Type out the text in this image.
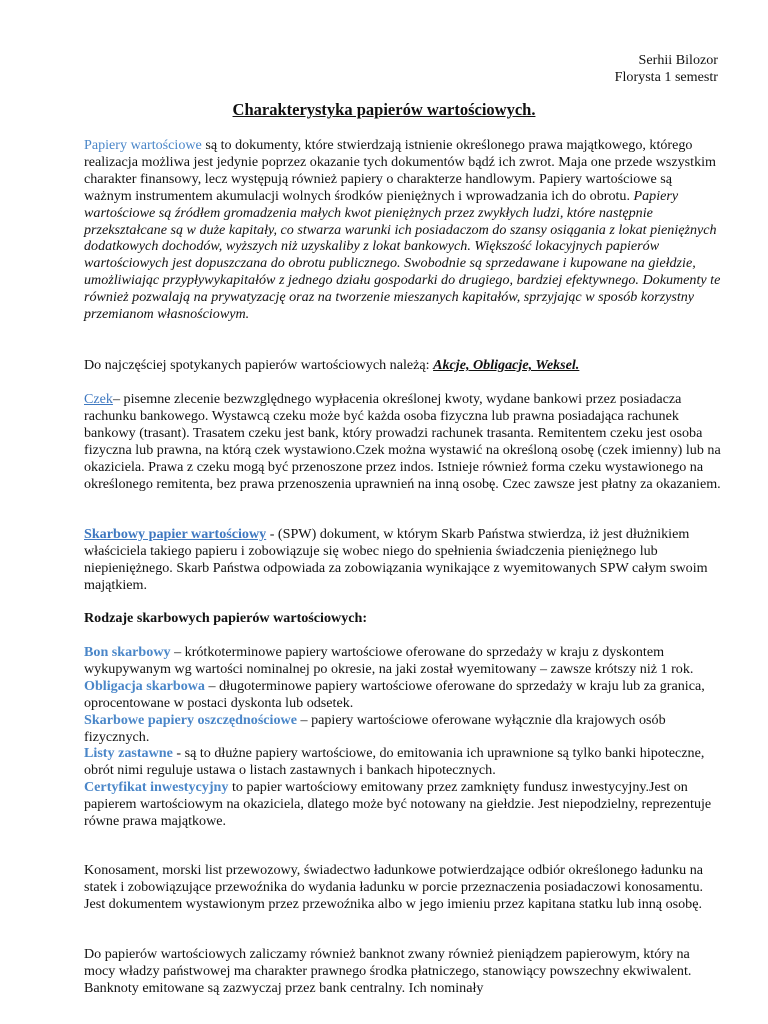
Serhii Bilozor
Florysta 1 semestr
Charakterystyka papierów wartościowych.

Papiery wartościowe są to dokumenty, które stwierdzają istnienie określonego prawa majątkowego, którego realizacja możliwa jest jedynie poprzez okazanie tych dokumentów bądź ich zwrot. Maja one przede wszystkim charakter finansowy, lecz występują również papiery o charakterze handlowym. Papiery wartościowe są ważnym instrumentem akumulacji wolnych środków pieniężnych i wprowadzania ich do obrotu. Papiery wartościowe są źródłem gromadzenia małych kwot pieniężnych przez zwykłych ludzi, które następnie przekształcane są w duże kapitały, co stwarza warunki ich posiadaczom do szansy osiągania z lokat pieniężnych dodatkowych dochodów, wyższych niż uzyskaliby z lokat bankowych. Większość lokacyjnych papierów wartościowych jest dopuszczana do obrotu publicznego. Swobodnie są sprzedawane i kupowane na giełdzie, umożliwiając przypływykapitałów z jednego działu gospodarki do drugiego, bardziej efektywnego. Dokumenty te również pozwalają na prywatyzację oraz na tworzenie mieszanych kapitałów, sprzyjając w sposób korzystny przemianom własnościowym.

Do najczęściej spotykanych papierów wartościowych należą: Akcje, Obligacje, Weksel.

Czek– pisemne zlecenie bezwzględnego wypłacenia określonej kwoty, wydane bankowi przez posiadacza rachunku bankowego. Wystawcą czeku może być każda osoba fizyczna lub prawna posiadająca rachunek bankowy (trasant). Trasatem czeku jest bank, który prowadzi rachunek trasanta. Remitentem czeku jest osoba fizyczna lub prawna, na którą czek wystawiono.Czek można wystawić na określoną osobę (czek imienny) lub na okaziciela. Prawa z czeku mogą być przenoszone przez indos. Istnieje również forma czeku wystawionego na określonego remitenta, bez prawa przenoszenia uprawnień na inną osobę. Czec zawsze jest płatny za okazaniem.

Skarbowy papier wartościowy - (SPW) dokument, w którym Skarb Państwa stwierdza, iż jest dłużnikiem właściciela takiego papieru i zobowiązuje się wobec niego do spełnienia świadczenia pieniężnego lub niepieniężnego. Skarb Państwa odpowiada za zobowiązania wynikające z wyemitowanych SPW całym swoim majątkiem.

Rodzaje skarbowych papierów wartościowych:

Bon skarbowy – krótkoterminowe papiery wartościowe oferowane do sprzedaży w kraju z dyskontem wykupywanym wg wartości nominalnej po okresie, na jaki został wyemitowany – zawsze krótszy niż 1 rok.

Obligacja skarbowa – długoterminowe papiery wartościowe oferowane do sprzedaży w kraju lub za granica, oprocentowane w postaci dyskonta lub odsetek.

Skarbowe papiery oszczędnościowe – papiery wartościowe oferowane wyłącznie dla krajowych osób fizycznych.

Listy zastawne - są to dłużne papiery wartościowe, do emitowania ich uprawnione są tylko banki hipoteczne, obrót nimi reguluje ustawa o listach zastawnych i bankach hipotecznych.

Certyfikat inwestycyjny to papier wartościowy emitowany przez zamknięty fundusz inwestycyjny.Jest on papierem wartościowym na okaziciela, dlatego może być notowany na giełdzie. Jest niepodzielny, reprezentuje równe prawa majątkowe.

Konosament, morski list przewozowy, świadectwo ładunkowe potwierdzające odbiór określonego ładunku na statek i zobowiązujące przewoźnika do wydania ładunku w porcie przeznaczenia posiadaczowi konosamentu. Jest dokumentem wystawionym przez przewoźnika albo w jego imieniu przez kapitana statku lub inną osobę.

Do papierów wartościowych zaliczamy również banknot zwany również pieniądzem papierowym, który na mocy władzy państwowej ma charakter prawnego środka płatniczego, stanowiący powszechny ekwiwalent. Banknoty emitowane są zazwyczaj przez bank centralny. Ich nominały
